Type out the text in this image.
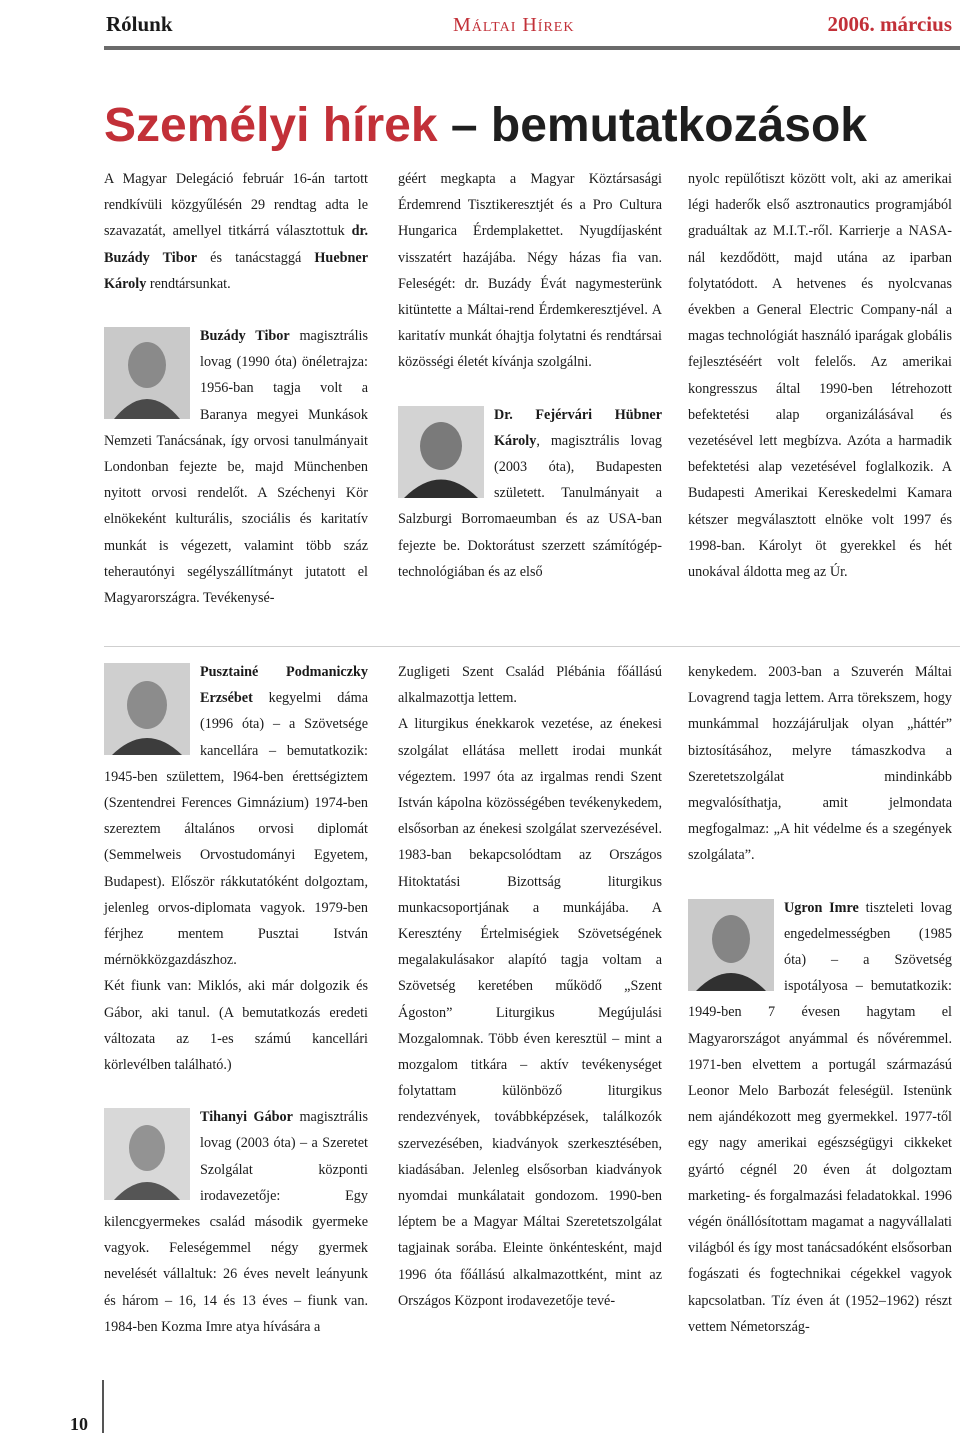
Rólunk	Máltai Hírek	2006. március
Személyi hírek – bemutatkozások

A Magyar Delegáció február 16-án tartott rendkívüli közgyűlésén 29 rendtag adta le szavazatát, amellyel titkárrá választottuk dr. Buzády Tibor és tanácstaggá Huebner Károly rendtársunkat.

Buzády Tibor magisztrális lovag (1990 óta) önéletrajza: 1956-ban tagja volt a Baranya megyei Munkások Nemzeti Tanácsának, így orvosi tanulmányait Londonban fejezte be, majd Münchenben nyitott orvosi rendelőt. A Széchenyi Kör elnökeként kulturális, szociális és karitatív munkát is végezett, valamint több száz teherautónyi segélyszállítmányt jutatott el Magyarországra. Tevékenysé-

géért megkapta a Magyar Köztársasági Érdemrend Tisztikeresztjét és a Pro Cultura Hungarica Érdemplakettet. Nyugdíjasként visszatért hazájába. Négy házas fia van. Feleségét: dr. Buzády Évát nagymesterünk kitüntette a Máltai-rend Érdemkeresztjével. A karitatív munkát óhajtja folytatni és rendtársai közösségi életét kívánja szolgálni.

Dr. Fejérvári Hübner Károly, magisztrális lovag (2003 óta), Budapesten született. Tanulmányait a Salzburgi Borromaeumban és az USA-ban fejezte be. Doktorátust szerzett számítógép-technológiában és az első

nyolc repülőtiszt között volt, aki az amerikai légi haderők első asztronautics programjából graduáltak az M.I.T.-ről. Karrierje a NASA-nál kezdődött, majd utána az iparban folytatódott. A hetvenes és nyolcvanas években a General Electric Company-nál a magas technológiát használó iparágak globális fejlesztéséért volt felelős. Az amerikai kongresszus által 1990-ben létrehozott befektetési alap organizálásával és vezetésével lett megbízva. Azóta a harmadik befektetési alap vezetésével foglalkozik. A Budapesti Amerikai Kereskedelmi Kamara kétszer megválasztott elnöke volt 1997 és 1998-ban. Károlyt öt gyerekkel és hét unokával áldotta meg az Úr.

Pusztainé Podmaniczky Erzsébet kegyelmi dáma (1996 óta) – a Szövetsége kancellára – bemutatkozik: 1945-ben születtem, l964-ben érettségiztem (Szentendrei Ferences Gimnázium) 1974-ben szereztem általános orvosi diplomát (Semmelweis Orvostudományi Egyetem, Budapest). Először rákkutatóként dolgoztam, jelenleg orvos-diplomata vagyok. 1979-ben férjhez mentem Pusztai István mérnökközgazdászhoz.

Két fiunk van: Miklós, aki már dolgozik és Gábor, aki tanul. (A bemutatkozás eredeti változata az 1-es számú kancellári körlevélben található.)

Tihanyi Gábor magisztrális lovag (2003 óta) – a Szeretet Szolgálat központi irodavezetője: Egy kilencgyermekes család második gyermeke vagyok. Feleségemmel négy gyermek nevelését vállaltuk: 26 éves nevelt leányunk és három – 16, 14 és 13 éves – fiunk van. 1984-ben Kozma Imre atya hívására a

Zugligeti Szent Család Plébánia főállású alkalmazottja lettem.

A liturgikus énekkarok vezetése, az énekesi szolgálat ellátása mellett irodai munkát végeztem. 1997 óta az irgalmas rendi Szent István kápolna közösségében tevékenykedem, elsősorban az énekesi szolgálat szervezésével. 1983-ban bekapcsolódtam az Országos Hitoktatási Bizottság liturgikus munkacsoportjának a munkájába. A Keresztény Értelmiségiek Szövetségének megalakulásakor alapító tagja voltam a Szövetség keretében működő „Szent Ágoston” Liturgikus Megújulási Mozgalomnak. Több éven keresztül – mint a mozgalom titkára – aktív tevékenységet folytattam különböző liturgikus rendezvények, továbbképzések, találkozók szervezésében, kiadványok szerkesztésében, kiadásában. Jelenleg elsősorban kiadványok nyomdai munkálatait gondozom. 1990-ben léptem be a Magyar Máltai Szeretetszolgálat tagjainak sorába. Eleinte önkéntesként, majd 1996 óta főállású alkalmazottként, mint az Országos Központ irodavezetője tevé-

kenykedem. 2003-ban a Szuverén Máltai Lovagrend tagja lettem. Arra törekszem, hogy munkámmal hozzájáruljak olyan „háttér” biztosításához, melyre támaszkodva a Szeretetszolgálat mindinkább megvalósíthatja, amit jelmondata megfogalmaz: „A hit védelme és a szegények szolgálata”.

Ugron Imre tiszteleti lovag engedelmességben (1985 óta) – a Szövetség ispotályosa – bemutatkozik: 1949-ben 7 évesen hagytam el Magyarországot anyámmal és nővéremmel. 1971-ben elvettem a portugál származású Leonor Melo Barbozát feleségül. Istenünk nem ajándékozott meg gyermekkel. 1977-től egy nagy amerikai egészségügyi cikkeket gyártó cégnél 20 éven át dolgoztam marketing- és forgalmazási feladatokkal. 1996 végén önállósítottam magamat a nagyvállalati világból és így most tanácsadóként elsősorban fogászati és fogtechnikai cégekkel vagyok kapcsolatban. Tíz éven át (1952–1962) részt vettem Németország-

10
